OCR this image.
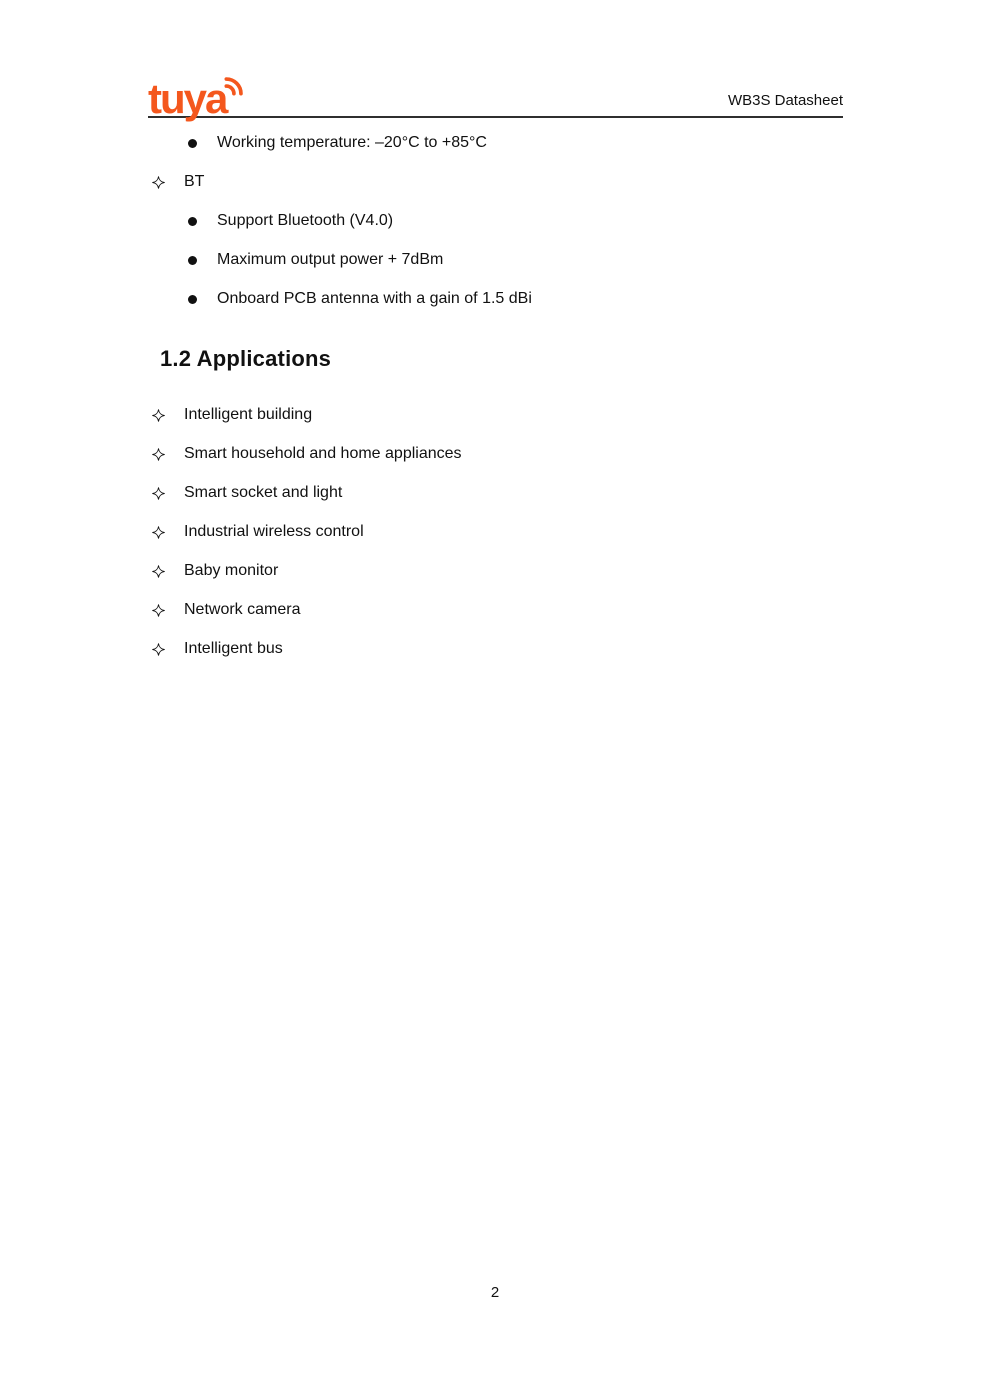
tuya	WB3S Datasheet
Working temperature: –20°C to +85°C
BT
Support Bluetooth (V4.0)
Maximum output power + 7dBm
Onboard PCB antenna with a gain of 1.5 dBi
1.2 Applications
Intelligent building
Smart household and home appliances
Smart socket and light
Industrial wireless control
Baby monitor
Network camera
Intelligent bus
2
